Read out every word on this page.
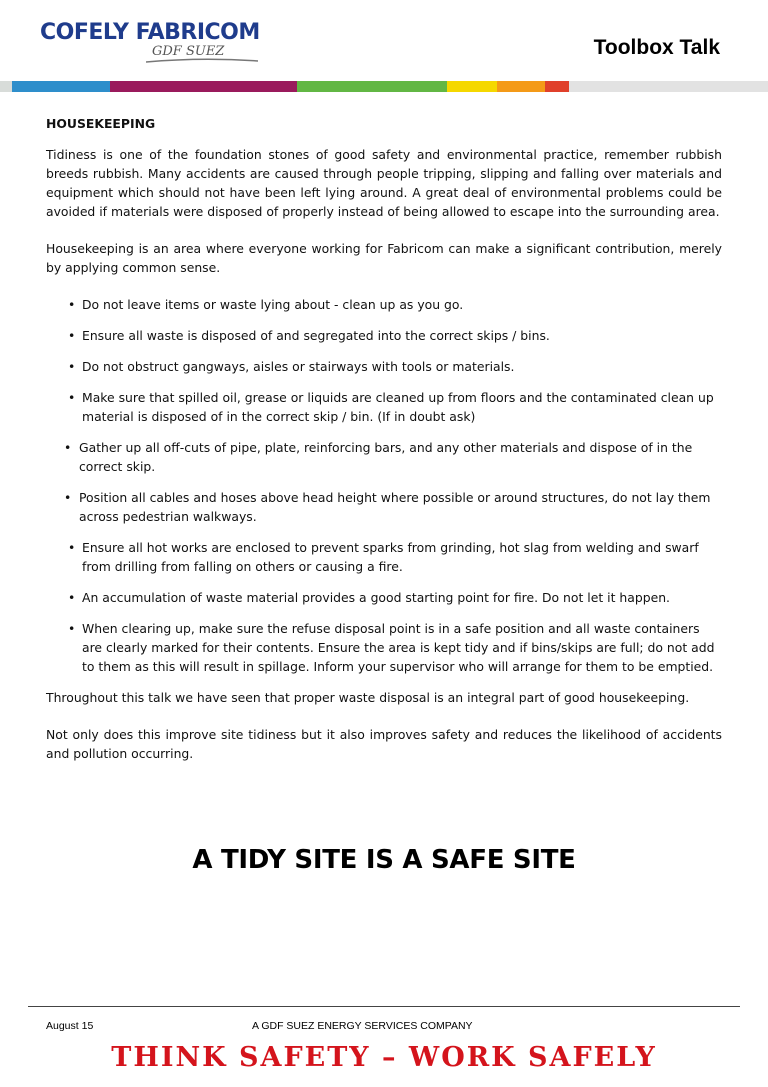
COFELY FABRICOM
GDF SUEZ	Toolbox Talk
HOUSEKEEPING

Tidiness is one of the foundation stones of good safety and environmental practice, remember rubbish breeds rubbish. Many accidents are caused through people tripping, slipping and falling over materials and equipment which should not have been left lying around. A great deal of environmental problems could be avoided if materials were disposed of properly instead of being allowed to escape into the surrounding area.

Housekeeping is an area where everyone working for Fabricom can make a significant contribution, merely by applying common sense.

• Do not leave items or waste lying about - clean up as you go.
• Ensure all waste is disposed of and segregated into the correct skips / bins.
• Do not obstruct gangways, aisles or stairways with tools or materials.
• Make sure that spilled oil, grease or liquids are cleaned up from floors and the contaminated clean up material is disposed of in the correct skip / bin. (If in doubt ask)
• Gather up all off-cuts of pipe, plate, reinforcing bars, and any other materials and dispose of in the correct skip.
• Position all cables and hoses above head height where possible or around structures, do not lay them across pedestrian walkways.
• Ensure all hot works are enclosed to prevent sparks from grinding, hot slag from welding and swarf from drilling from falling on others or causing a fire.
• An accumulation of waste material provides a good starting point for fire. Do not let it happen.
• When clearing up, make sure the refuse disposal point is in a safe position and all waste containers are clearly marked for their contents. Ensure the area is kept tidy and if bins/skips are full; do not add to them as this will result in spillage. Inform your supervisor who will arrange for them to be emptied.

Throughout this talk we have seen that proper waste disposal is an integral part of good housekeeping.

Not only does this improve site tidiness but it also improves safety and reduces the likelihood of accidents and pollution occurring.

A TIDY SITE IS A SAFE SITE
August 15	A GDF SUEZ ENERGY SERVICES COMPANY
THINK SAFETY – WORK SAFELY
